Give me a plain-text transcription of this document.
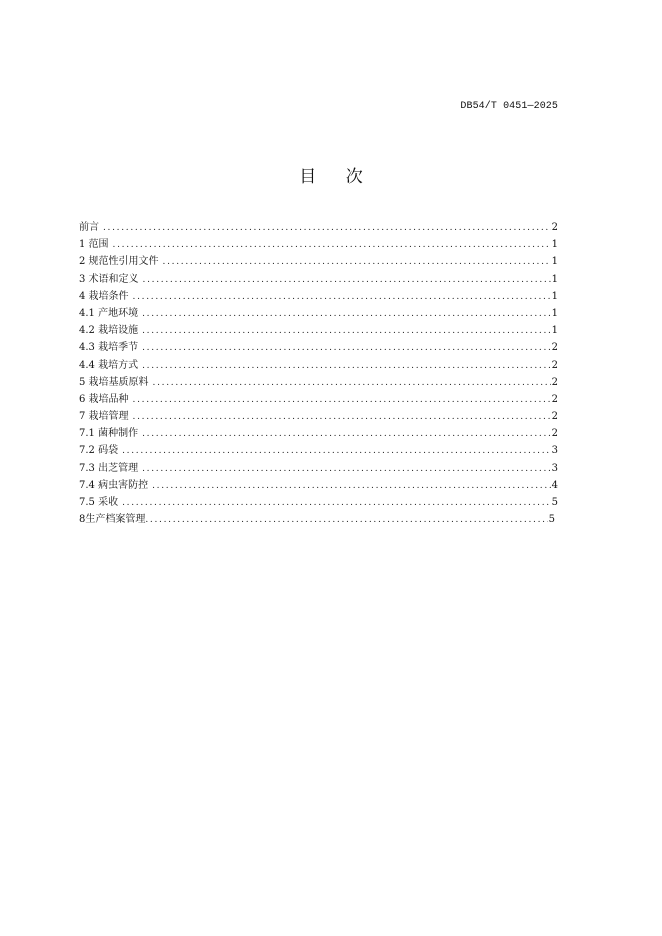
DB54/T 0451—2025
目 次
前言 .....	2
1 范围 .....	1
2 规范性引用文件 .....	1
3 术语和定义 .....	1
4 栽培条件 .....	1
4.1 产地环境 .....	1
4.2 栽培设施 .....	1
4.3 栽培季节 .....	2
4.4 栽培方式 .....	2
5 栽培基质原料 .....	2
6 栽培品种 .....	2
7 栽培管理 .....	2
7.1 菌种制作 .....	2
7.2 码袋 .....	3
7.3 出芝管理 .....	3
7.4 病虫害防控 .....	4
7.5 采收 .....	5
8生产档案管理 .....	5
